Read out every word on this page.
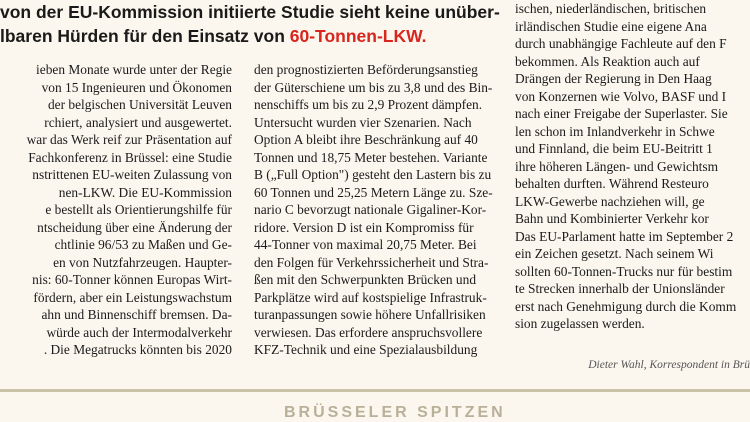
von der EU-Kommission initiierte Studie sieht keine unüber-
lbaren Hürden für den Einsatz von 60-Tonnen-LKW.
ieben Monate wurde unter der Regie
von 15 Ingenieuren und Ökonomen
der belgischen Universität Leuven
rchiert, analysiert und ausgewertet.
war das Werk reif zur Präsentation auf
Fachkonferenz in Brüssel: eine Studie
nstrittenen EU-weiten Zulassung von
nen-LKW. Die EU-Kommission
e bestellt als Orientierungshilfe für
ntscheidung über eine Änderung der
chtlinie 96/53 zu Maßen und Ge-
en von Nutzfahrzeugen. Haupter-
nis: 60-Tonner können Europas Wirt-
fördern, aber ein Leistungswachstum
ahn und Binnenschiff bremsen. Da-
würde auch der Intermodalverkehr
. Die Megatrucks könnten bis 2020
den prognostizierten Beförderungsanstieg
der Güterschiene um bis zu 3,8 und des Bin-
nenschiffs um bis zu 2,9 Prozent dämpfen.
Untersucht wurden vier Szenarien. Nach
Option A bleibt ihre Beschränkung auf 40
Tonnen und 18,75 Meter bestehen. Variante
B („Full Option") gesteht den Lastern bis zu
60 Tonnen und 25,25 Metern Länge zu. Sze-
nario C bevorzugt nationale Gigaliner-Kor-
ridore. Version D ist ein Kompromiss für
44-Tonner von maximal 20,75 Meter. Bei
den Folgen für Verkehrssicherheit und Stra-
ßen mit den Schwerpunkten Brücken und
Parkplätze wird auf kostspielige Infrastruk-
turanpassungen sowie höhere Unfallrisiken
verwiesen. Das erfordere anspruchsvollere
KFZ-Technik und eine Spezialausbildung
ischen, niederländischen, britischen
irländischen Studie eine eigene Ana
durch unabhängige Fachleute auf den F
bekommen. Als Reaktion auch auf
Drängen der Regierung in Den Haag
von Konzernen wie Volvo, BASF und I
nach einer Freigabe der Superlaster. Sie
len schon im Inlandverkehr in Schwe
und Finnland, die beim EU-Beitritt 1
ihre höheren Längen- und Gewichtsm
behalten durften. Während Resteuro
LKW-Gewerbe nachziehen will, ge
Bahn und Kombinierter Verkehr kor
Das EU-Parlament hatte im September 2
ein Zeichen gesetzt. Nach seinem Wi
sollten 60-Tonnen-Trucks nur für bestim
te Strecken innerhalb der Unionsländer
erst nach Genehmigung durch die Komm
sion zugelassen werden.
Dieter Wahl, Korrespondent in Brü
BRÜSSELER SPITZEN
